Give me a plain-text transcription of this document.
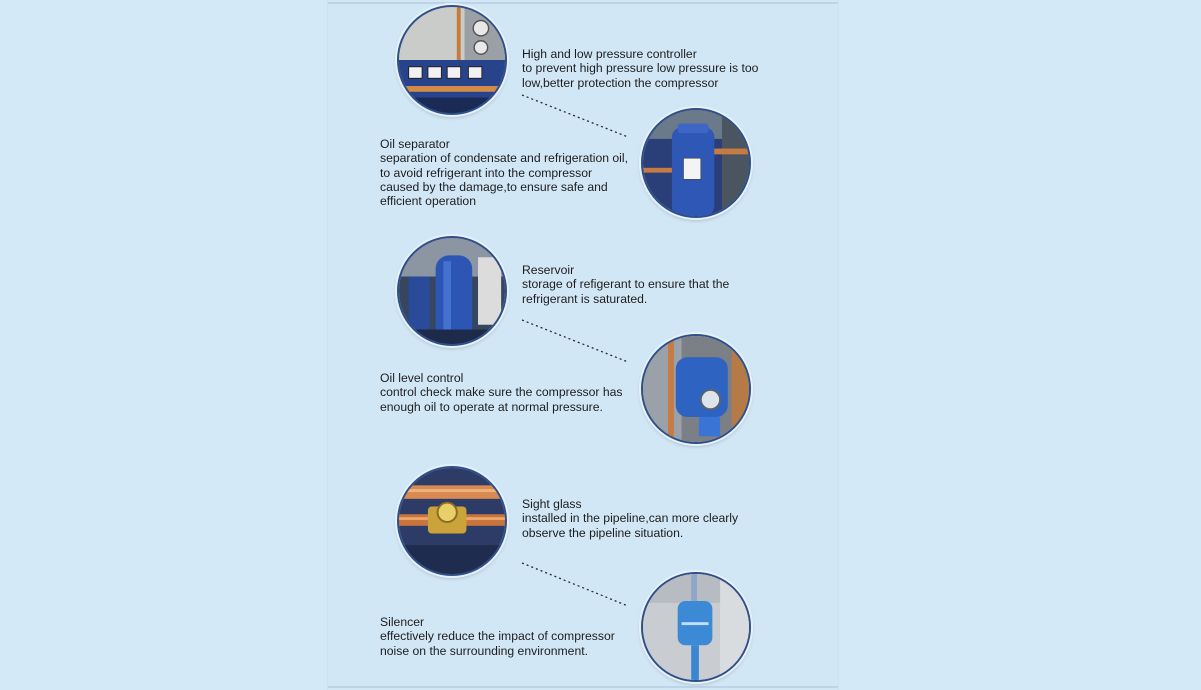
High and low pressure controller
to prevent high pressure low pressure is too
low,better protection the compressor
Oil separator
separation of condensate and refrigeration oil,
to avoid refrigerant into the compressor
caused by the damage,to ensure safe and
efficient operation
Reservoir
storage of refigerant to ensure that the
refrigerant is saturated.
Oil level control
control check make sure the compressor has
enough oil to operate at normal pressure.
Sight glass
installed in the pipeline,can more clearly
observe the pipeline situation.
Silencer
effectively reduce the impact of compressor
noise on the surrounding environment.
